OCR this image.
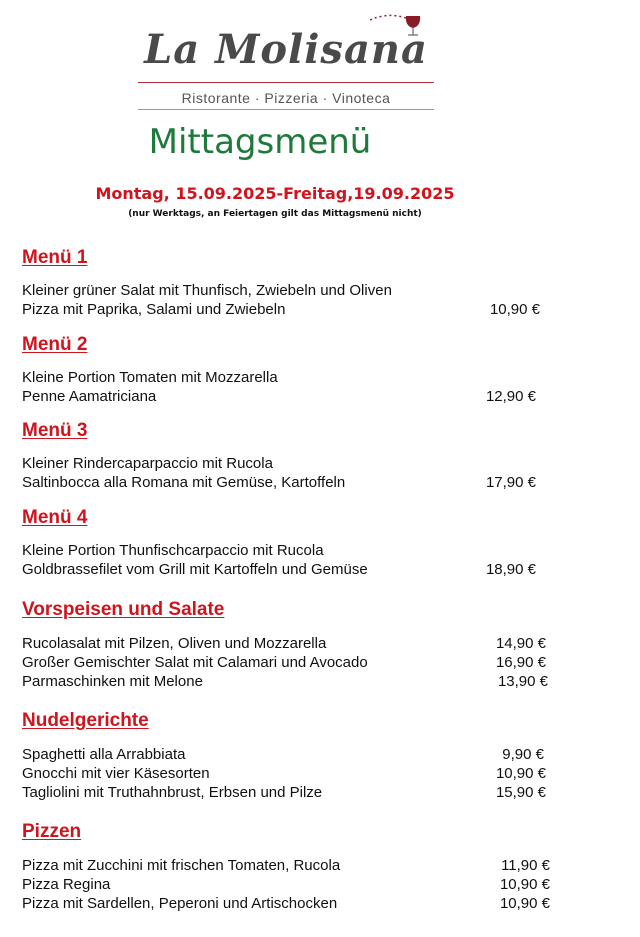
La Molisana
Ristorante · Pizzeria · Vinoteca
Mittagsmenü
Montag, 15.09.2025-Freitag,19.09.2025
(nur Werktags, an Feiertagen gilt das Mittagsmenü nicht)
Menü 1
Kleiner grüner Salat mit Thunfisch, Zwiebeln und Oliven
Pizza mit Paprika, Salami und Zwiebeln	10,90 €
Menü 2
Kleine Portion Tomaten mit Mozzarella
Penne Aamatriciana	12,90 €
Menü 3
Kleiner Rindercaparpaccio mit Rucola
Saltinbocca alla Romana mit Gemüse, Kartoffeln	17,90 €
Menü 4
Kleine Portion Thunfischcarpaccio mit Rucola
Goldbrassefilet vom Grill mit Kartoffeln und Gemüse	18,90 €
Vorspeisen und Salate
Rucolasalat mit Pilzen, Oliven und Mozzarella	14,90 €
Großer Gemischter Salat mit Calamari und Avocado	16,90 €
Parmaschinken mit Melone	13,90 €
Nudelgerichte
Spaghetti alla Arrabbiata	9,90 €
Gnocchi mit vier Käsesorten	10,90 €
Tagliolini mit Truthahnbrust, Erbsen und Pilze	15,90 €
Pizzen
Pizza mit Zucchini mit frischen Tomaten, Rucola	11,90 €
Pizza Regina	10,90 €
Pizza mit Sardellen, Peperoni und Artischocken	10,90 €
